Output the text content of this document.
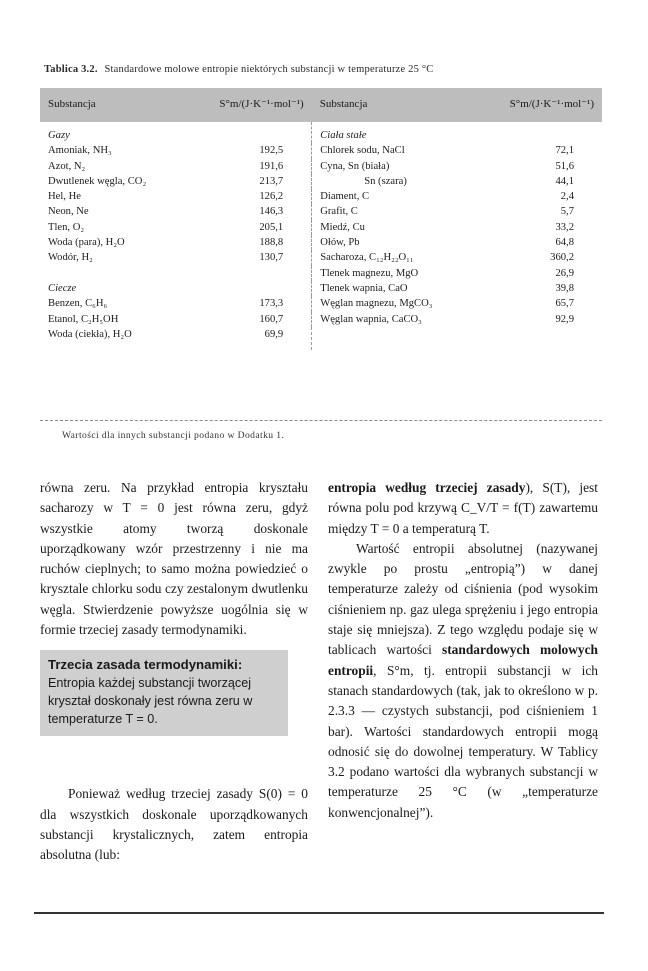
Tablica 3.2. Standardowe molowe entropie niektórych substancji w temperaturze 25 °C
Substancja	S°m/(J·K⁻¹·mol⁻¹)	Substancja	S°m/(J·K⁻¹·mol⁻¹)
Gazy		Ciała stałe	
Amoniak, NH₃	192,5	Chlorek sodu, NaCl	72,1
Azot, N₂	191,6	Cyna, Sn (biała)	51,6
Dwutlenek węgla, CO₂	213,7	Sn (szara)	44,1
Hel, He	126,2	Diament, C	2,4
Neon, Ne	146,3	Grafit, C	5,7
Tlen, O₂	205,1	Miedź, Cu	33,2
Woda (para), H₂O	188,8	Ołów, Pb	64,8
Wodór, H₂	130,7	Sacharoza, C₁₂H₂₂O₁₁	360,2
		Tlenek magnezu, MgO	26,9
Ciecze		Tlenek wapnia, CaO	39,8
Benzen, C₆H₆	173,3	Węglan magnezu, MgCO₃	65,7
Etanol, C₂H₅OH	160,7	Węglan wapnia, CaCO₃	92,9
Woda (ciekła), H₂O	69,9		
Wartości dla innych substancji podano w Dodatku 1.

równa zeru. Na przykład entropia kryształu sacharozy w T = 0 jest równa zeru, gdyż wszystkie atomy tworzą doskonale uporządkowany wzór przestrzenny i nie ma ruchów cieplnych; to samo można powiedzieć o krysztale chlorku sodu czy zestalonym dwutlenku węgla. Stwierdzenie powyższe uogólnia się w formie trzeciej zasady termodynamiki.

Trzecia zasada termodynamiki:
Entropia każdej substancji tworzącej kryształ doskonały jest równa zeru w temperaturze T = 0.

Ponieważ według trzeciej zasady S(0) = 0 dla wszystkich doskonale uporządkowanych substancji krystalicznych, zatem entropia absolutna (lub:

entropia według trzeciej zasady), S(T), jest równa polu pod krzywą C_V/T = f(T) zawartemu między T = 0 a temperaturą T.

Wartość entropii absolutnej (nazywanej zwykle po prostu „entropią”) w danej temperaturze zależy od ciśnienia (pod wysokim ciśnieniem np. gaz ulega sprężeniu i jego entropia staje się mniejsza). Z tego względu podaje się w tablicach wartości standardowych molowych entropii, S°m, tj. entropii substancji w ich stanach standardowych (tak, jak to określono w p. 2.3.3 — czystych substancji, pod ciśnieniem 1 bar). Wartości standardowych entropii mogą odnosić się do dowolnej temperatury. W Tablicy 3.2 podano wartości dla wybranych substancji w temperaturze 25 °C (w „temperaturze konwencjonalnej”).
